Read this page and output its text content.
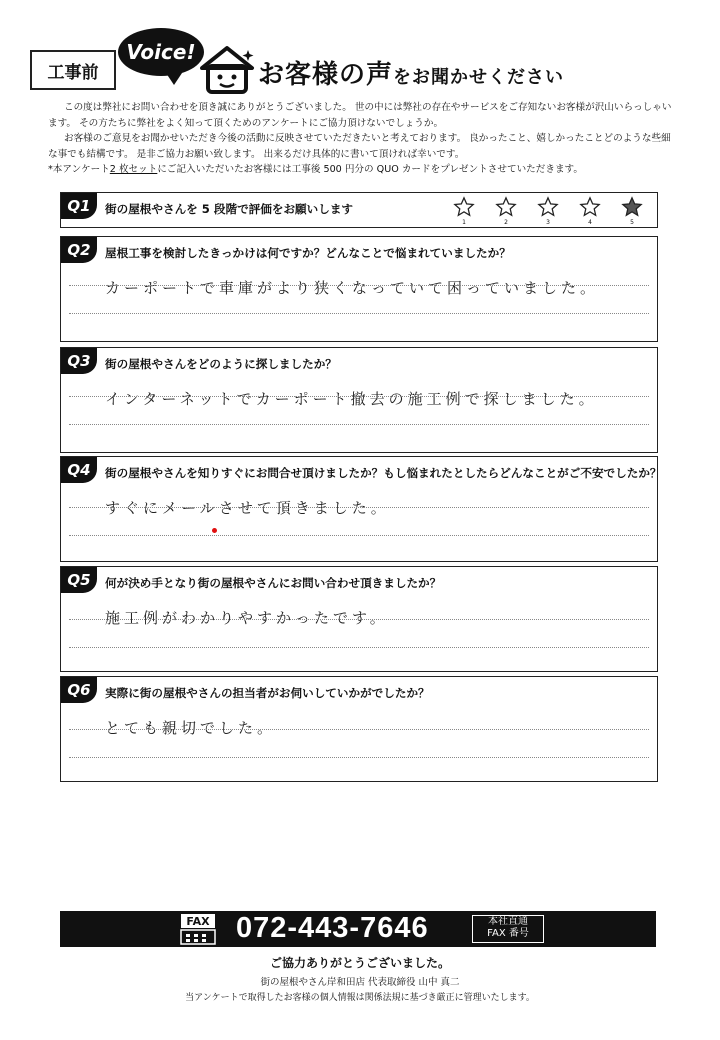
工事前
Voice!
お客様の声をお聞かせください

この度は弊社にお問い合わせを頂き誠にありがとうございました。 世の中には弊社の存在やサービスをご存知ないお客様が沢山いらっしゃいます。 その方たちに弊社をよく知って頂くためのアンケートにご協力頂けないでしょうか。

お客様のご意見をお聞かせいただき今後の活動に反映させていただきたいと考えております。 良かったこと、嬉しかったことどのような些細な事でも結構です。 是非ご協力お願い致します。 出来るだけ具体的に書いて頂ければ幸いです。

*本アンケート2 枚セットにご記入いただいたお客様には工事後 500 円分の QUO カードをプレゼントさせていただきます。

Q1	街の屋根やさんを 5 段階で評価をお願いします
1	2	3	4	5
Q2	屋根工事を検討したきっかけは何ですか？どんなことで悩まれていましたか？
カーポートで車庫がより狭くなっていて困っていました。
Q3	街の屋根やさんをどのように探しましたか？
インターネットでカーポート撤去の施工例で探しました。
Q4	街の屋根やさんを知りすぐにお問合せ頂けましたか？もし悩まれたとしたらどんなことがご不安でしたか？
すぐにメールさせて頂きました。
Q5	何が決め手となり街の屋根やさんにお問い合わせ頂きましたか？
施工例がわかりやすかったです。
Q6	実際に街の屋根やさんの担当者がお伺いしていかがでしたか？
とても親切でした。
FAX 072-443-7646	本社直通
FAX 番号
ご協力ありがとうございました。
街の屋根やさん岸和田店 代表取締役 山中 真二
当アンケートで取得したお客様の個人情報は関係法規に基づき厳正に管理いたします。
